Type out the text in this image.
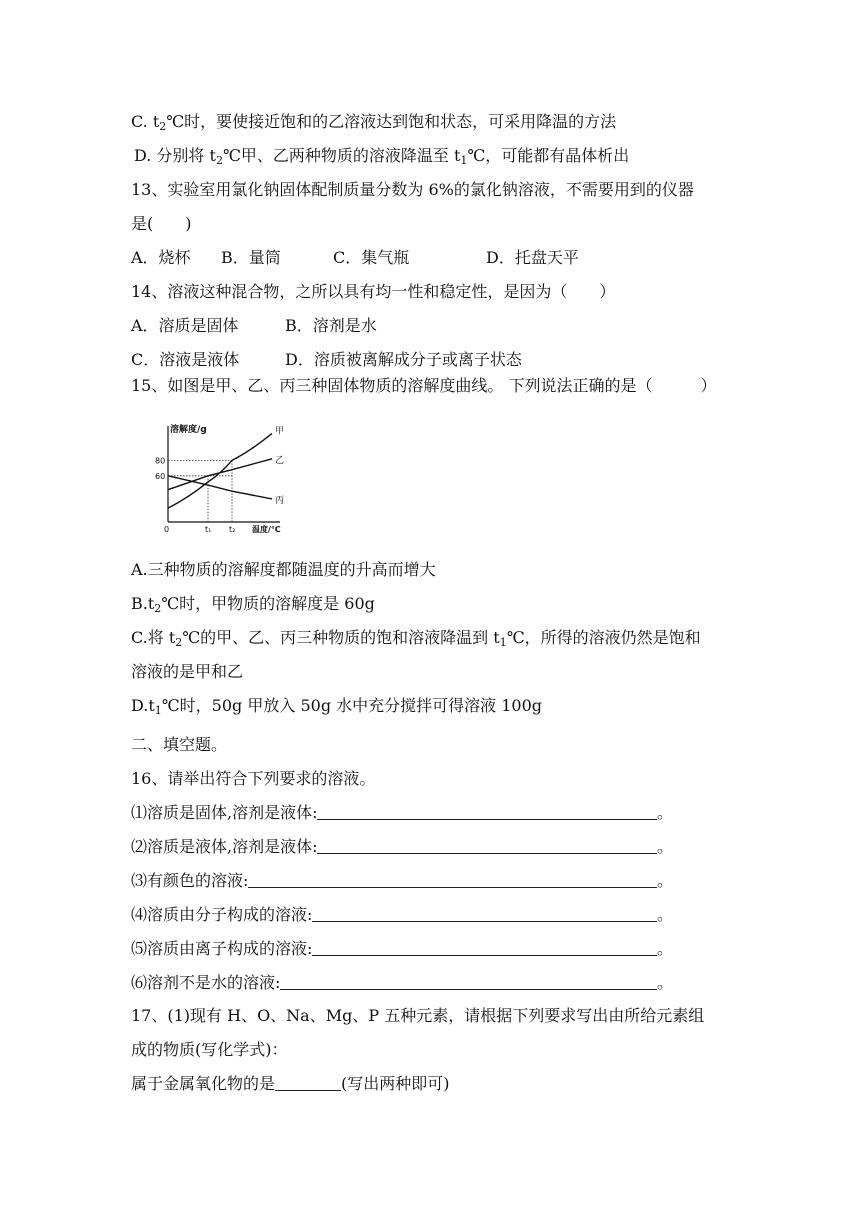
C. $t_2℃$时，要使接近饱和的乙溶液达到饱和状态，可采用降温的方法
D. 分别将 $t_2℃$甲、乙两种物质的溶液降温至 $t_1℃$，可能都有晶体析出
13、实验室用氯化钠固体配制质量分数为 6%的氯化钠溶液，不需要用到的仪器
是(　　)
A．烧杯 B．量筒	C．集气瓶	D．托盘天平
14、溶液这种混合物，之所以具有均一性和稳定性，是因为（　　）
A．溶质是固体	B．溶剂是水
C．溶液是液体	D．溶质被离解成分子或离子状态
15、如图是甲、乙、丙三种固体物质的溶解度曲线。 下列说法正确的是（　　　）
甲
乙
丙
溶解度/g
温度/℃
0
80
60
t₁ t₂
A.三种物质的溶解度都随温度的升高而增大
$B.t_2℃$时，甲物质的溶解度是 60g
C.将 $t_2℃$的甲、乙、丙三种物质的饱和溶液降温到 $t_1℃$，所得的溶液仍然是饱和
溶液的是甲和乙
$D.t_1℃$时，50g 甲放入 50g 水中充分搅拌可得溶液 100g
二、填空题。
16、请举出符合下列要求的溶液。
⑴溶质是固体,溶剂是液体:	。
⑵溶质是液体,溶剂是液体:	。
⑶有颜色的溶液:	。
⑷溶质由分子构成的溶液:	。
⑸溶质由离子构成的溶液:	。
⑹溶剂不是水的溶液:	。
17、(1)现有 H、O、Na、Mg、P 五种元素，请根据下列要求写出由所给元素组
成的物质(写化学式)：
属于金属氧化物的是	(写出两种即可)
